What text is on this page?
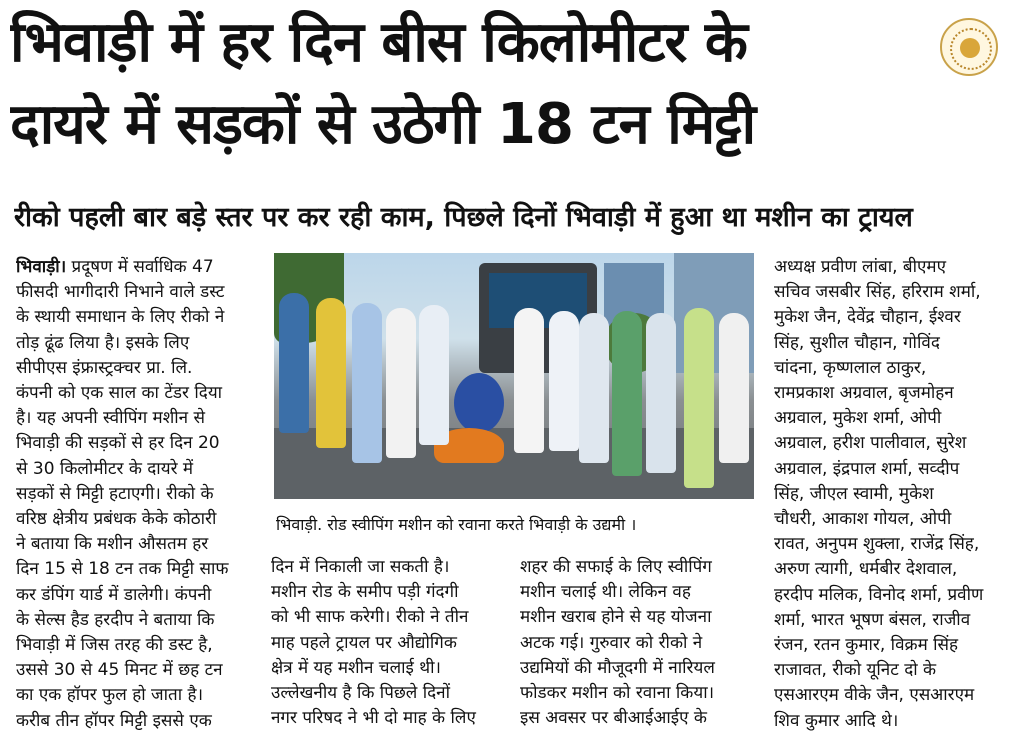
भिवाड़ी में हर दिन बीस किलोमीटर के
दायरे में सड़कों से उठेगी 18 टन मिट्टी
रीको पहली बार बड़े स्तर पर कर रही काम, पिछले दिनों भिवाड़ी में हुआ था मशीन का ट्रायल
भिवाड़ी। प्रदूषण में सर्वाधिक 47
फीसदी भागीदारी निभाने वाले डस्ट
के स्थायी समाधान के लिए रीको ने
तोड़ ढूंढ लिया है। इसके लिए
सीपीएस इंफ्रास्ट्रक्चर प्रा. लि.
कंपनी को एक साल का टेंडर दिया
है। यह अपनी स्वीपिंग मशीन से
भिवाड़ी की सड़कों से हर दिन 20
से 30 किलोमीटर के दायरे में
सड़कों से मिट्टी हटाएगी। रीको के
वरिष्ठ क्षेत्रीय प्रबंधक केके कोठारी
ने बताया कि मशीन औसतम हर
दिन 15 से 18 टन तक मिट्टी साफ
कर डंपिंग यार्ड में डालेगी। कंपनी
के सेल्स हैड हरदीप ने बताया कि
भिवाड़ी में जिस तरह की डस्ट है,
उससे 30 से 45 मिनट में छह टन
का एक हॉपर फुल हो जाता है।
करीब तीन हॉपर मिट्टी इससे एक
भिवाड़ी. रोड स्वीपिंग मशीन को रवाना करते भिवाड़ी के उद्यमी ।
दिन में निकाली जा सकती है।
मशीन रोड के समीप पड़ी गंदगी
को भी साफ करेगी। रीको ने तीन
माह पहले ट्रायल पर औद्योगिक
क्षेत्र में यह मशीन चलाई थी।
उल्लेखनीय है कि पिछले दिनों
नगर परिषद ने भी दो माह के लिए
शहर की सफाई के लिए स्वीपिंग
मशीन चलाई थी। लेकिन वह
मशीन खराब होने से यह योजना
अटक गई। गुरुवार को रीको ने
उद्यमियों की मौजूदगी में नारियल
फोडकर मशीन को रवाना किया।
इस अवसर पर बीआईआईए के
अध्यक्ष प्रवीण लांबा, बीएमए
सचिव जसबीर सिंह, हरिराम शर्मा,
मुकेश जैन, देवेंद्र चौहान, ईश्वर
सिंह, सुशील चौहान, गोविंद
चांदना, कृष्णलाल ठाकुर,
रामप्रकाश अग्रवाल, बृजमोहन
अग्रवाल, मुकेश शर्मा, ओपी
अग्रवाल, हरीश पालीवाल, सुरेश
अग्रवाल, इंद्रपाल शर्मा, सव्दीप
सिंह, जीएल स्वामी, मुकेश
चौधरी, आकाश गोयल, ओपी
रावत, अनुपम शुक्ला, राजेंद्र सिंह,
अरुण त्यागी, धर्मबीर देशवाल,
हरदीप मलिक, विनोद शर्मा, प्रवीण
शर्मा, भारत भूषण बंसल, राजीव
रंजन, रतन कुमार, विक्रम सिंह
राजावत, रीको यूनिट दो के
एसआरएम वीके जैन, एसआरएम
शिव कुमार आदि थे।
